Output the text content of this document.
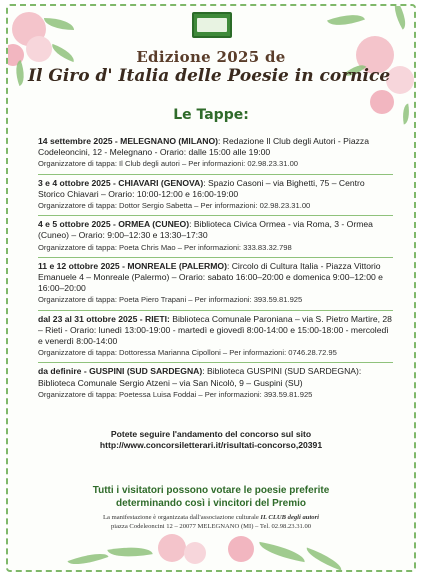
Edizione 2025 de
Il Giro d' Italia delle Poesie in cornice
Le Tappe:
14 settembre 2025 - MELEGNANO (MILANO): Redazione Il Club degli Autori - Piazza Codeleoncini, 12 - Melegnano - Orario: dalle 15:00 alle 19:00
Organizzatore di tappa: Il Club degli autori – Per informazioni: 02.98.23.31.00
3 e 4 ottobre 2025 - CHIAVARI (GENOVA): Spazio Casoni – via Bighetti, 75 – Centro Storico Chiavari – Orario: 10:00-12:00 e 16:00-19:00
Organizzatore di tappa: Dottor Sergio Sabetta – Per informazioni: 02.98.23.31.00
4 e 5 ottobre 2025 - ORMEA (CUNEO): Biblioteca Civica Ormea - via Roma, 3 - Ormea (Cuneo) – Orario: 9:00–12:30 e 13:30–17:30
Organizzatore di tappa: Poeta Chris Mao – Per informazioni: 333.83.32.798
11 e 12 ottobre 2025 - MONREALE (PALERMO): Circolo di Cultura Italia - Piazza Vittorio Emanuele 4 – Monreale (Palermo) – Orario: sabato 16:00–20:00 e domenica 9:00–12:00 e 16:00–20:00
Organizzatore di tappa: Poeta Piero Trapani – Per informazioni: 393.59.81.925
dal 23 al 31 ottobre 2025 - RIETI: Biblioteca Comunale Paroniana – via S. Pietro Martire, 28 – Rieti - Orario: lunedì 13:00-19:00 - martedì e giovedì 8:00-14:00 e 15:00-18:00 - mercoledì e venerdì 8:00-14:00
Organizzatore di tappa: Dottoressa Marianna Cipolloni – Per informazioni: 0746.28.72.95
da definire - GUSPINI (SUD SARDEGNA): Biblioteca GUSPINI (SUD SARDEGNA): Biblioteca Comunale Sergio Atzeni – via San Nicolò, 9 – Guspini (SU)
Organizzatore di tappa: Poetessa Luisa Foddai – Per informazioni: 393.59.81.925
Potete seguire l'andamento del concorso sul sito
http://www.concorsiletterari.it/risultati-concorso,20391
Tutti i visitatori possono votare le poesie preferite
determinando così i vincitori del Premio
La manifestazione è organizzata dall'associazione culturale IL CLUB degli autori
piazza Codeleoncini 12 – 20077 MELEGNANO (MI) – Tel. 02.98.23.31.00
